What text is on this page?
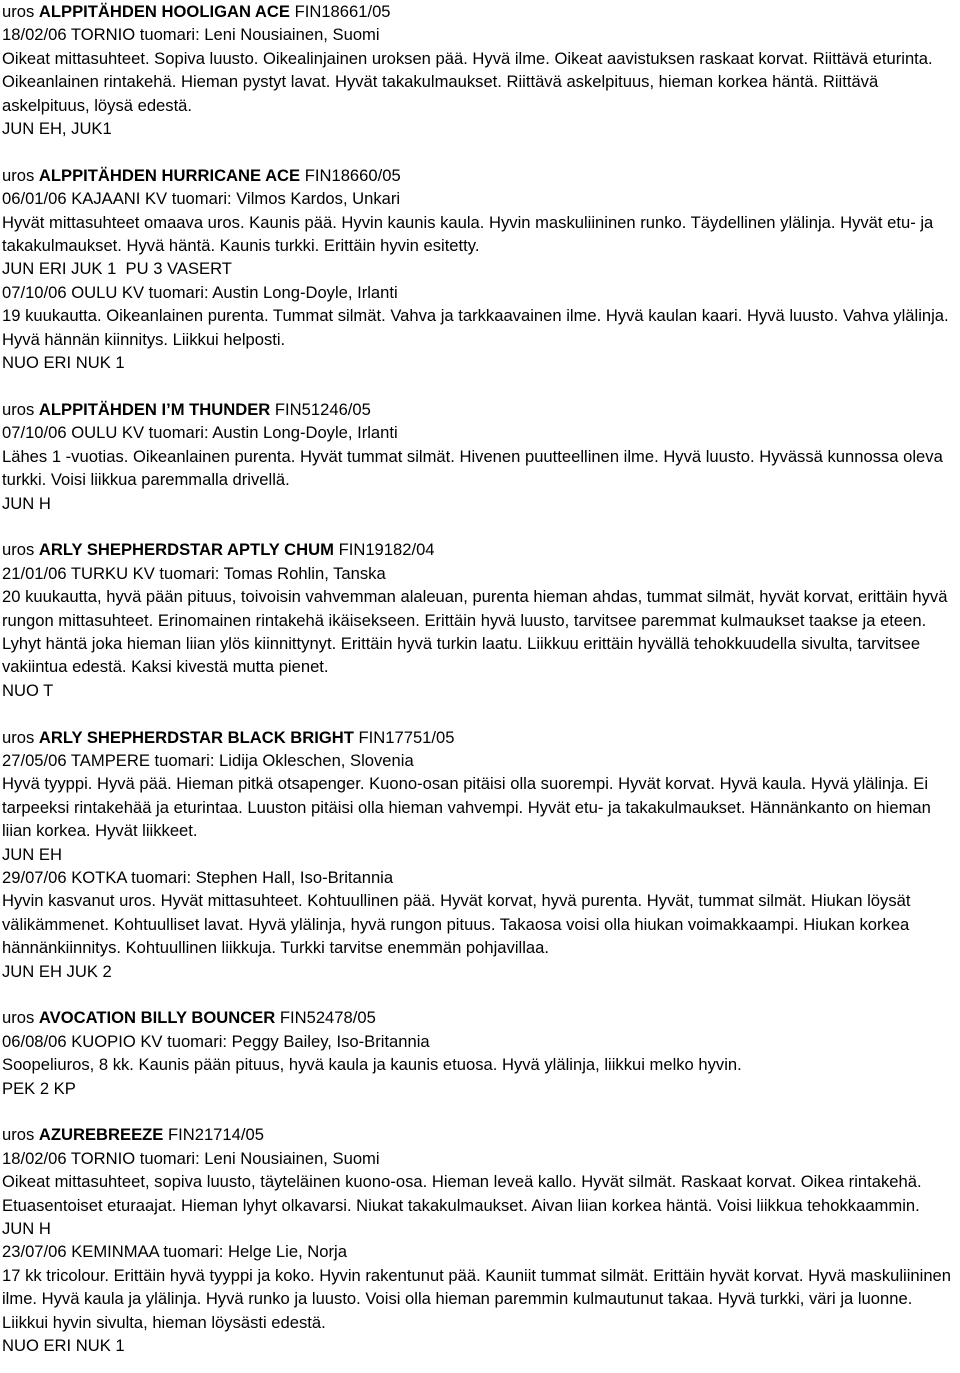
uros ALPPITÄHDEN HOOLIGAN ACE FIN18661/05
18/02/06 TORNIO tuomari: Leni Nousiainen, Suomi
Oikeat mittasuhteet. Sopiva luusto. Oikealinjainen uroksen pää. Hyvä ilme. Oikeat aavistuksen raskaat korvat. Riittävä eturinta. Oikeanlainen rintakehä. Hieman pystyt lavat. Hyvät takakulmaukset. Riittävä askelpituus, hieman korkea häntä. Riittävä askelpituus, löysä edestä.
JUN EH, JUK1
uros ALPPITÄHDEN HURRICANE ACE FIN18660/05
06/01/06 KAJAANI KV tuomari: Vilmos Kardos, Unkari
Hyvät mittasuhteet omaava uros. Kaunis pää. Hyvin kaunis kaula. Hyvin maskuliininen runko. Täydellinen ylälinja. Hyvät etu- ja takakulmaukset. Hyvä häntä. Kaunis turkki. Erittäin hyvin esitetty.
JUN ERI JUK 1  PU 3 VASERT
07/10/06 OULU KV tuomari: Austin Long-Doyle, Irlanti
19 kuukautta. Oikeanlainen purenta. Tummat silmät. Vahva ja tarkkaavainen ilme. Hyvä kaulan kaari. Hyvä luusto. Vahva ylälinja. Hyvä hännän kiinnitys. Liikkui helposti.
NUO ERI NUK 1
uros ALPPITÄHDEN I’M THUNDER FIN51246/05
07/10/06 OULU KV tuomari: Austin Long-Doyle, Irlanti
Lähes 1 -vuotias. Oikeanlainen purenta. Hyvät tummat silmät. Hivenen puutteellinen ilme. Hyvä luusto. Hyvässä kunnossa oleva turkki. Voisi liikkua paremmalla drivellä.
JUN H
uros ARLY SHEPHERDSTAR APTLY CHUM FIN19182/04
21/01/06 TURKU KV tuomari: Tomas Rohlin, Tanska
20 kuukautta, hyvä pään pituus, toivoisin vahvemman alaleuan, purenta hieman ahdas, tummat silmät, hyvät korvat, erittäin hyvä rungon mittasuhteet. Erinomainen rintakehä ikäisekseen. Erittäin hyvä luusto, tarvitsee paremmat kulmaukset taakse ja eteen. Lyhyt häntä joka hieman liian ylös kiinnittynyt. Erittäin hyvä turkin laatu. Liikkuu erittäin hyvällä tehokkuudella sivulta, tarvitsee vakiintua edestä. Kaksi kivestä mutta pienet.
NUO T
uros ARLY SHEPHERDSTAR BLACK BRIGHT FIN17751/05
27/05/06 TAMPERE tuomari: Lidija Okleschen, Slovenia
Hyvä tyyppi. Hyvä pää. Hieman pitkä otsapenger. Kuono-osan pitäisi olla suorempi. Hyvät korvat. Hyvä kaula. Hyvä ylälinja. Ei tarpeeksi rintakehää ja eturintaa. Luuston pitäisi olla hieman vahvempi. Hyvät etu- ja takakulmaukset. Hännänkanto on hieman liian korkea. Hyvät liikkeet.
JUN EH
29/07/06 KOTKA tuomari: Stephen Hall, Iso-Britannia
Hyvin kasvanut uros. Hyvät mittasuhteet. Kohtuullinen pää. Hyvät korvat, hyvä purenta. Hyvät, tummat silmät. Hiukan löysät välikämmenet. Kohtuulliset lavat. Hyvä ylälinja, hyvä rungon pituus. Takaosa voisi olla hiukan voimakkaampi. Hiukan korkea hännänkiinnitys. Kohtuullinen liikkuja. Turkki tarvitse enemmän pohjavillaa.
JUN EH JUK 2
uros AVOCATION BILLY BOUNCER FIN52478/05
06/08/06 KUOPIO KV tuomari: Peggy Bailey, Iso-Britannia
Soopeliuros, 8 kk. Kaunis pään pituus, hyvä kaula ja kaunis etuosa. Hyvä ylälinja, liikkui melko hyvin.
PEK 2 KP
uros AZUREBREEZE FIN21714/05
18/02/06 TORNIO tuomari: Leni Nousiainen, Suomi
Oikeat mittasuhteet, sopiva luusto, täyteläinen kuono-osa. Hieman leveä kallo. Hyvät silmät. Raskaat korvat. Oikea rintakehä. Etuasentoiset eturaajat. Hieman lyhyt olkavarsi. Niukat takakulmaukset. Aivan liian korkea häntä. Voisi liikkua tehokkaammin.
JUN H
23/07/06 KEMINMAA tuomari: Helge Lie, Norja
17 kk tricolour. Erittäin hyvä tyyppi ja koko. Hyvin rakentunut pää. Kauniit tummat silmät. Erittäin hyvät korvat. Hyvä maskuliininen ilme. Hyvä kaula ja ylälinja. Hyvä runko ja luusto. Voisi olla hieman paremmin kulmautunut takaa. Hyvä turkki, väri ja luonne. Liikkui hyvin sivulta, hieman löysästi edestä.
NUO ERI NUK 1
